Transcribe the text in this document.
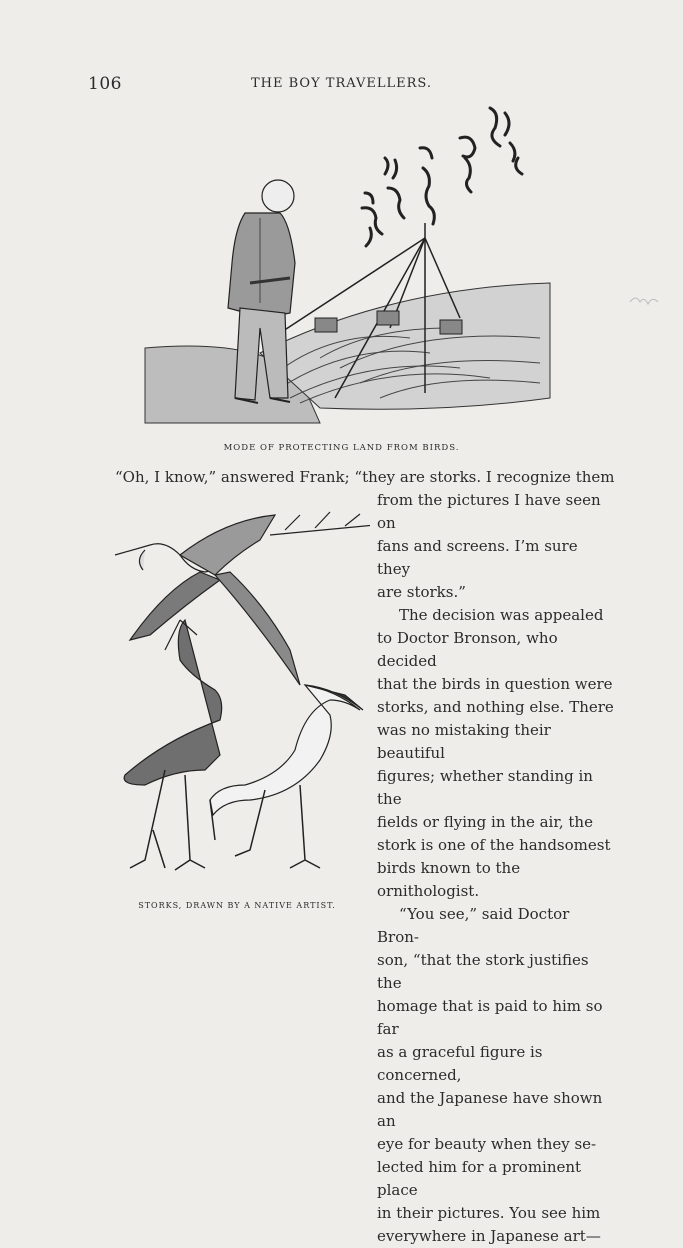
106	THE BOY TRAVELLERS.
MODE OF PROTECTING LAND FROM BIRDS.

“Oh, I know,” answered Frank; “they are storks. I recognize them

STORKS, DRAWN BY A NATIVE ARTIST.

from the pictures I have seen on

fans and screens. I’m sure they

are storks.”

The decision was appealed

to Doctor Bronson, who decided

that the birds in question were

storks, and nothing else. There

was no mistaking their beautiful

figures; whether standing in the

fields or flying in the air, the

stork is one of the handsomest

birds known to the ornithologist.

“You see,” said Doctor Bron-

son, “that the stork justifies the

homage that is paid to him so far

as a graceful figure is concerned,

and the Japanese have shown an

eye for beauty when they se-

lected him for a prominent place

in their pictures. You see him

everywhere in Japanese art—
